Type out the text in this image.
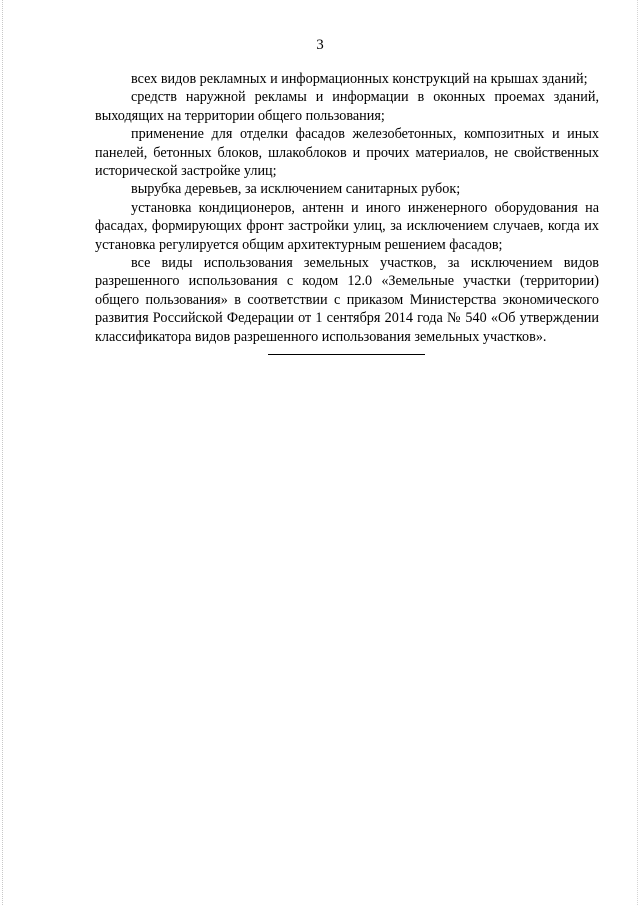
3

всех видов рекламных и информационных конструкций на крышах зданий;

средств наружной рекламы и информации в оконных проемах зданий, выходящих на территории общего пользования;

применение для отделки фасадов железобетонных, композитных и иных панелей, бетонных блоков, шлакоблоков и прочих материалов, не свойственных исторической застройке улиц;

вырубка деревьев, за исключением санитарных рубок;

установка кондиционеров, антенн и иного инженерного оборудования на фасадах, формирующих фронт застройки улиц, за исключением случаев, когда их установка регулируется общим архитектурным решением фасадов;

все виды использования земельных участков, за исключением видов разрешенного использования с кодом 12.0 «Земельные участки (территории) общего пользования» в соответствии с приказом Министерства экономического развития Российской Федерации от 1 сентября 2014 года № 540 «Об утверждении классификатора видов разрешенного использования земельных участков».
